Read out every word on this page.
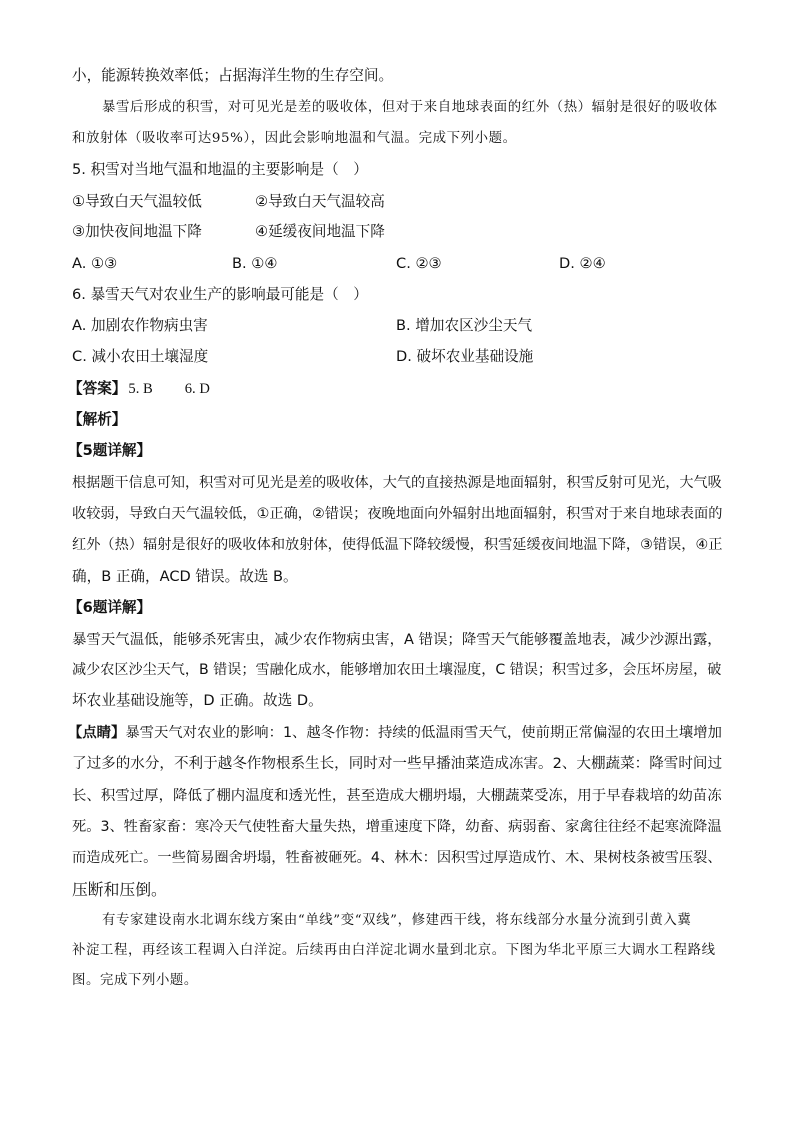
小，能源转换效率低；占据海洋生物的生存空间。
暴雪后形成的积雪，对可见光是差的吸收体，但对于来自地球表面的红外（热）辐射是很好的吸收体
和放射体（吸收率可达95%），因此会影响地温和气温。完成下列小题。
5. 积雪对当地气温和地温的主要影响是（　）
①导致白天气温较低	②导致白天气温较高
③加快夜间地温下降	④延缓夜间地温下降
A. ①③	B. ①④	C. ②③	D. ②④
6. 暴雪天气对农业生产的影响最可能是（　）
A. 加剧农作物病虫害	B. 增加农区沙尘天气
C. 减小农田土壤湿度	D. 破坏农业基础设施
【答案】 5. B 6. D
【解析】
【5题详解】
根据题干信息可知，积雪对可见光是差的吸收体，大气的直接热源是地面辐射，积雪反射可见光，大气吸
收较弱，导致白天气温较低，①正确，②错误；夜晚地面向外辐射出地面辐射，积雪对于来自地球表面的
红外（热）辐射是很好的吸收体和放射体，使得低温下降较缓慢，积雪延缓夜间地温下降，③错误，④正
确，B 正确，ACD 错误。故选 B。
【6题详解】
暴雪天气温低，能够杀死害虫，减少农作物病虫害，A 错误；降雪天气能够覆盖地表，减少沙源出露，
减少农区沙尘天气，B 错误；雪融化成水，能够增加农田土壤湿度，C 错误；积雪过多，会压坏房屋，破
坏农业基础设施等，D 正确。故选 D。
【点睛】暴雪天气对农业的影响：1、越冬作物：持续的低温雨雪天气，使前期正常偏湿的农田土壤增加
了过多的水分，不利于越冬作物根系生长，同时对一些早播油菜造成冻害。2、大棚蔬菜：降雪时间过
长、积雪过厚，降低了棚内温度和透光性，甚至造成大棚坍塌，大棚蔬菜受冻，用于早春栽培的幼苗冻
死。3、牲畜家畜：寒冷天气使牲畜大量失热，增重速度下降，幼畜、病弱畜、家禽往往经不起寒流降温
而造成死亡。一些简易圈舍坍塌，牲畜被砸死。4、林木：因积雪过厚造成竹、木、果树枝条被雪压裂、
压断和压倒。
有专家建设南水北调东线方案由“单线”变“双线”，修建西干线，将东线部分水量分流到引黄入冀
补淀工程，再经该工程调入白洋淀。后续再由白洋淀北调水量到北京。下图为华北平原三大调水工程路线
图。完成下列小题。
